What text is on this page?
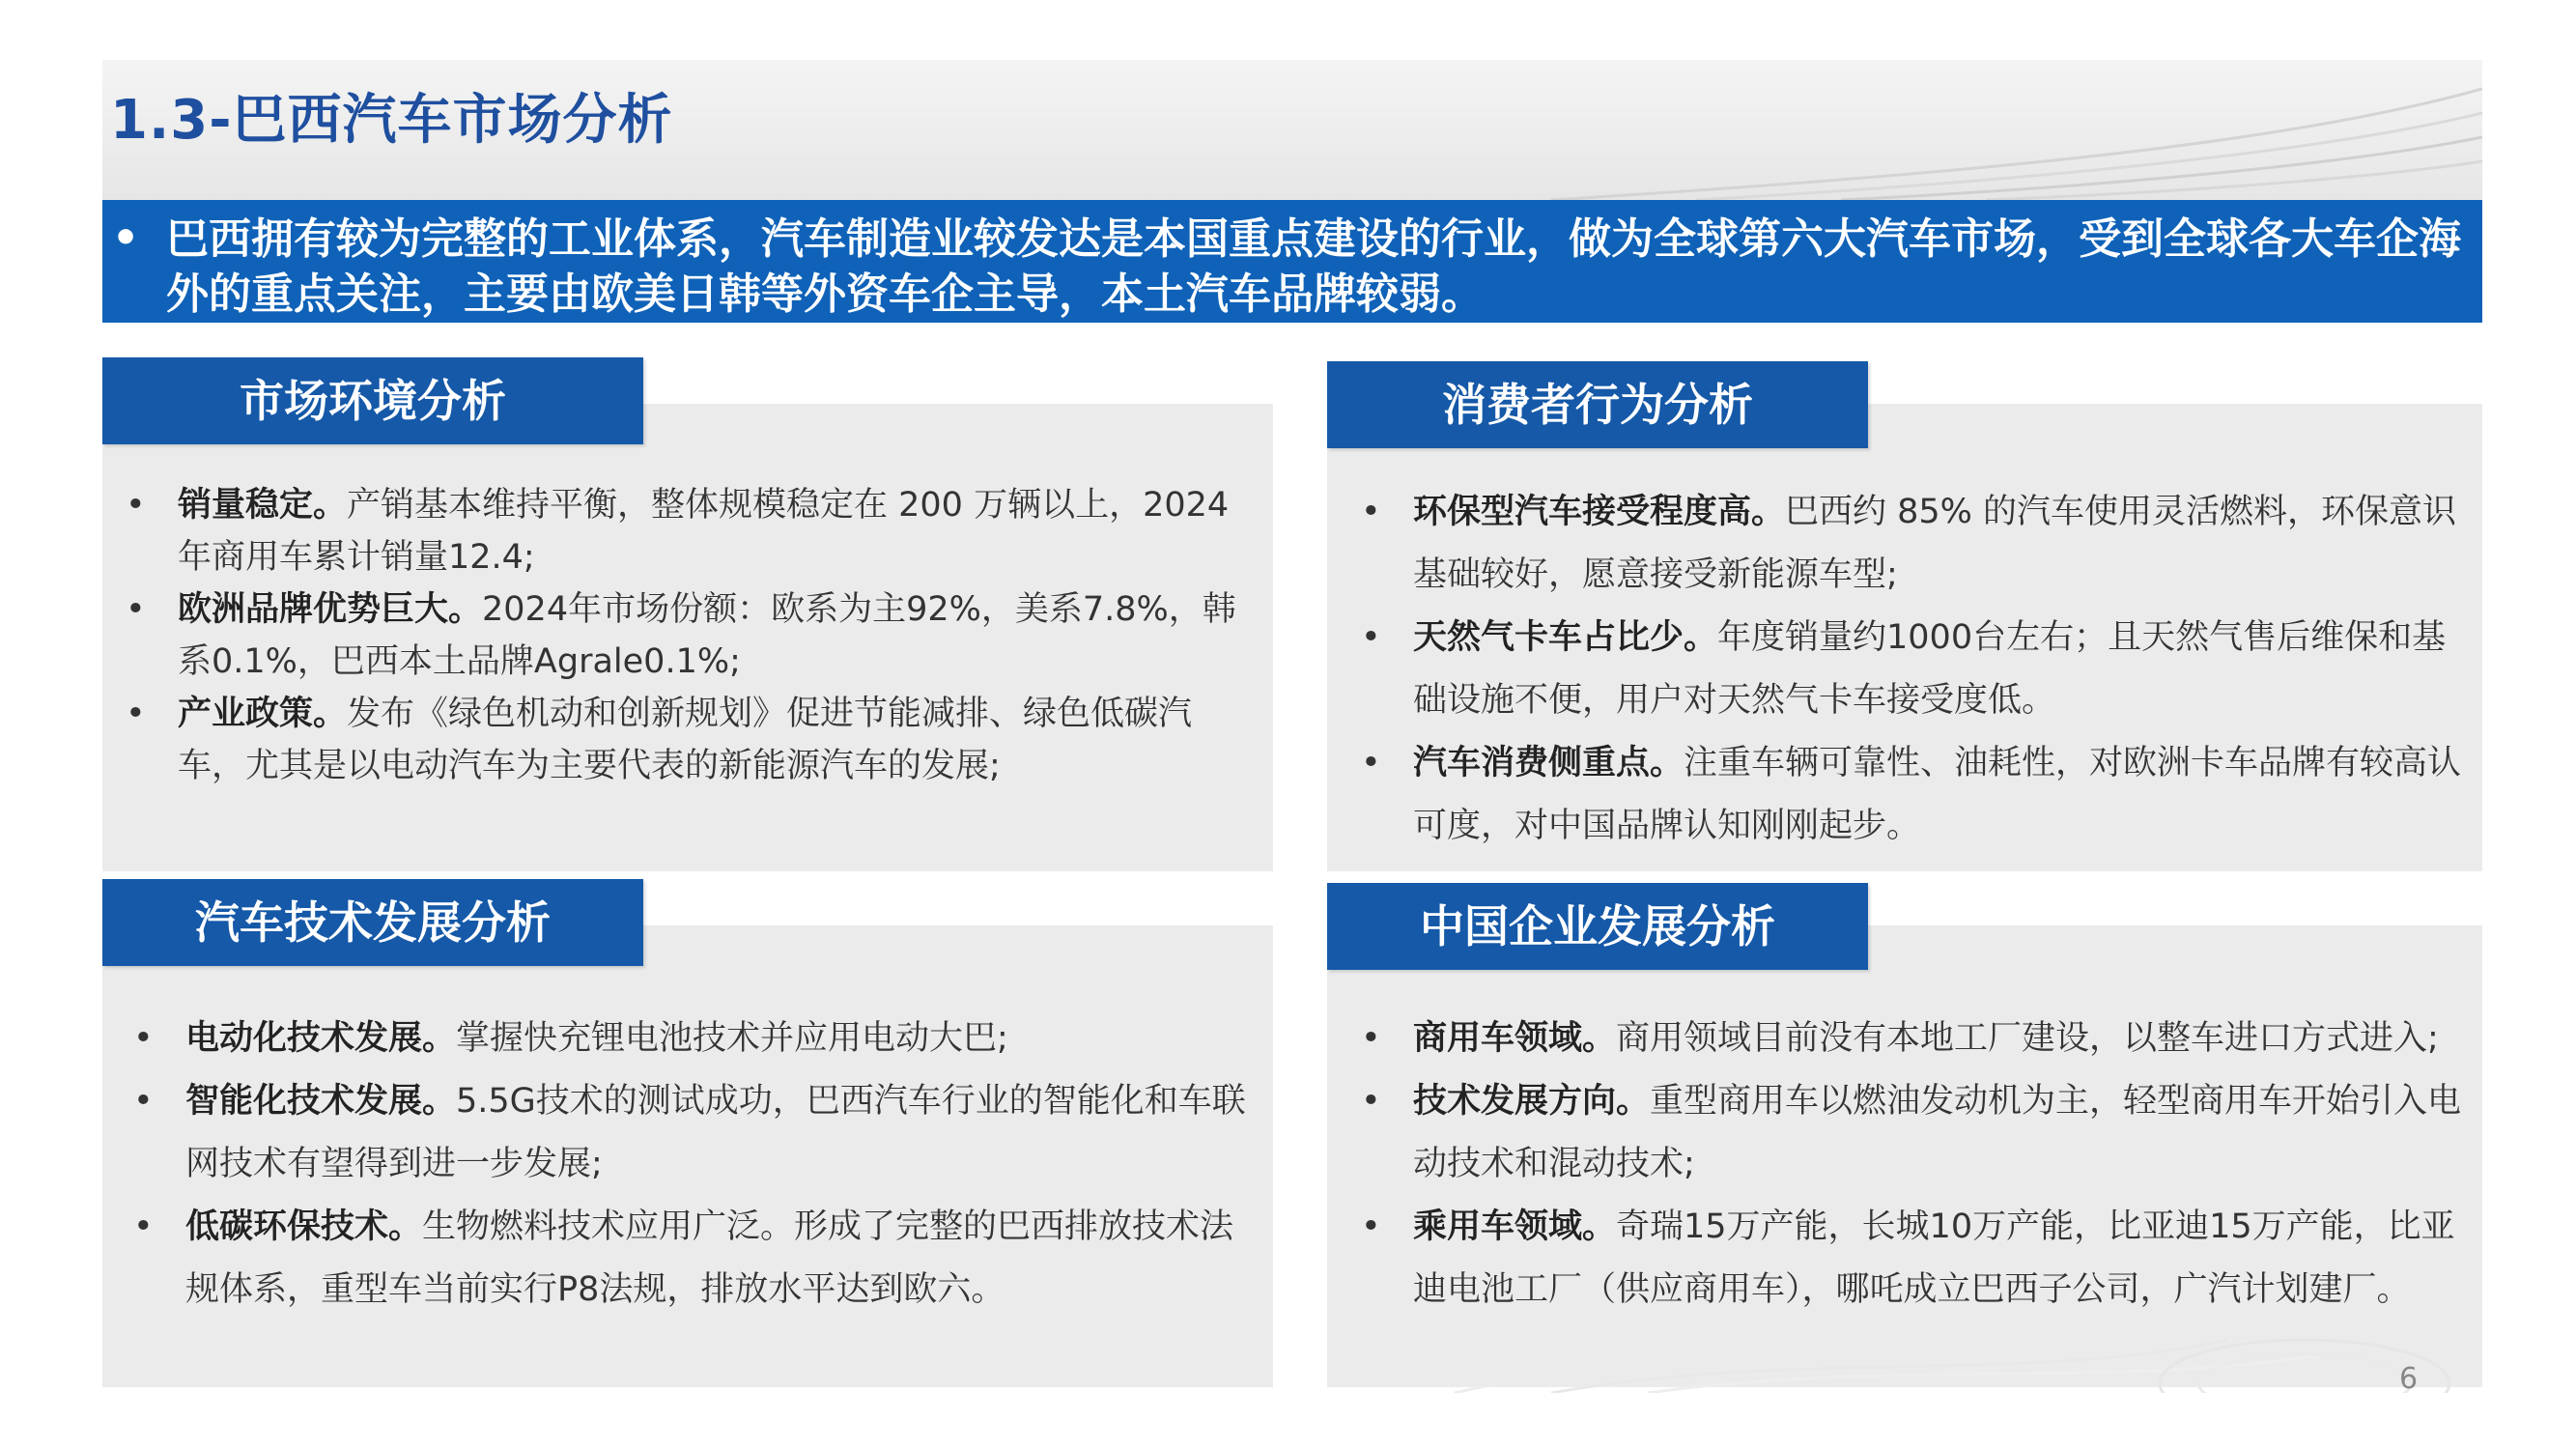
1.3-巴西汽车市场分析
• 巴西拥有较为完整的工业体系，汽车制造业较发达是本国重点建设的行业，做为全球第六大汽车市场，受到全球各大车企海外的重点关注，主要由欧美日韩等外资车企主导，本土汽车品牌较弱。
市场环境分析
• 销量稳定。产销基本维持平衡，整体规模稳定在 200 万辆以上，2024年商用车累计销量12.4;
• 欧洲品牌优势巨大。2024年市场份额：欧系为主92%，美系7.8%，韩系0.1%，巴西本土品牌Agrale0.1%;
• 产业政策。发布《绿色机动和创新规划》促进节能减排、绿色低碳汽车，尤其是以电动汽车为主要代表的新能源汽车的发展;
消费者行为分析
• 环保型汽车接受程度高。巴西约 85% 的汽车使用灵活燃料，环保意识基础较好，愿意接受新能源车型;
• 天然气卡车占比少。年度销量约1000台左右；且天然气售后维保和基础设施不便，用户对天然气卡车接受度低。
• 汽车消费侧重点。注重车辆可靠性、油耗性，对欧洲卡车品牌有较高认可度，对中国品牌认知刚刚起步。
汽车技术发展分析
• 电动化技术发展。掌握快充锂电池技术并应用电动大巴;
• 智能化技术发展。5.5G技术的测试成功，巴西汽车行业的智能化和车联网技术有望得到进一步发展;
• 低碳环保技术。生物燃料技术应用广泛。形成了完整的巴西排放技术法规体系，重型车当前实行P8法规，排放水平达到欧六。
中国企业发展分析
• 商用车领域。商用领域目前没有本地工厂建设，以整车进口方式进入;
• 技术发展方向。重型商用车以燃油发动机为主，轻型商用车开始引入电动技术和混动技术;
• 乘用车领域。奇瑞15万产能，长城10万产能，比亚迪15万产能，比亚迪电池工厂（供应商用车），哪吒成立巴西子公司，广汽计划建厂。
6
